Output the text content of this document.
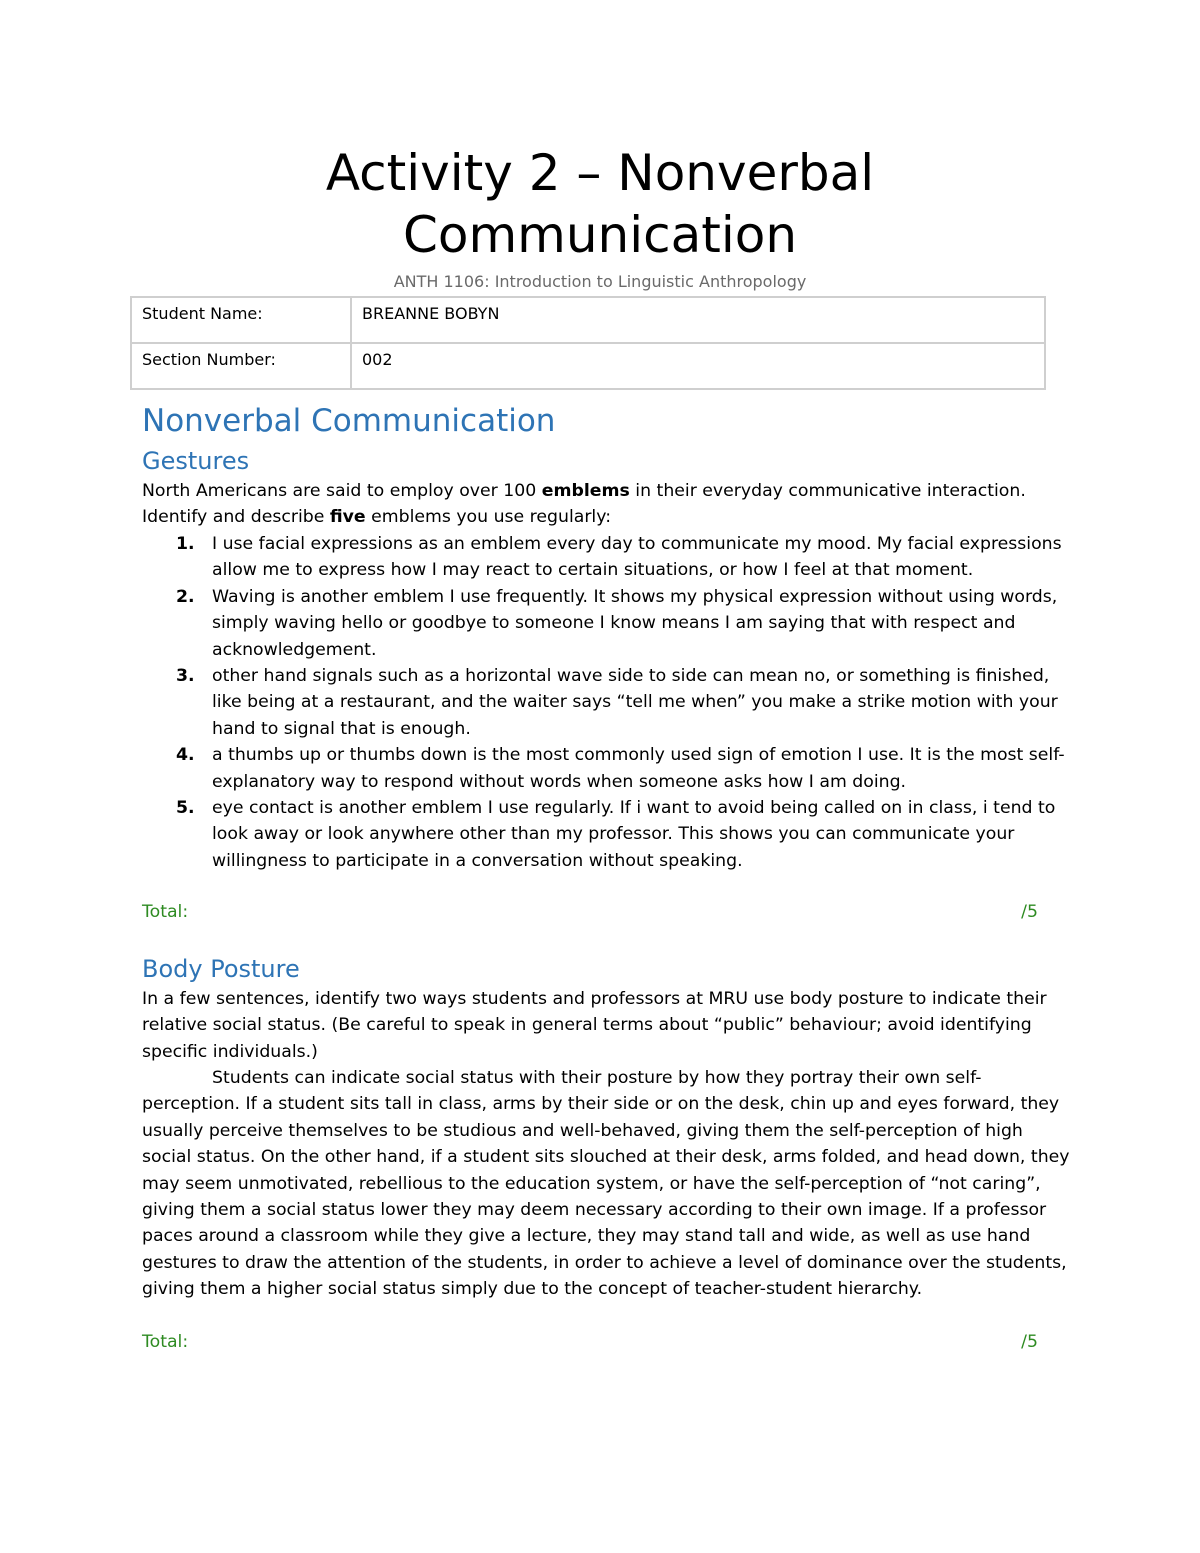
Activity 2 – Nonverbal
Communication
ANTH 1106: Introduction to Linguistic Anthropology
Student Name:	BREANNE BOBYN
Section Number:	002
Nonverbal Communication
Gestures
North Americans are said to employ over 100 emblems in their everyday communicative interaction. Identify and describe five emblems you use regularly:
1. I use facial expressions as an emblem every day to communicate my mood. My facial expressions allow me to express how I may react to certain situations, or how I feel at that moment.
2. Waving is another emblem I use frequently. It shows my physical expression without using words, simply waving hello or goodbye to someone I know means I am saying that with respect and acknowledgement.
3. other hand signals such as a horizontal wave side to side can mean no, or something is finished, like being at a restaurant, and the waiter says “tell me when” you make a strike motion with your hand to signal that is enough.
4. a thumbs up or thumbs down is the most commonly used sign of emotion I use. It is the most self-explanatory way to respond without words when someone asks how I am doing.
5. eye contact is another emblem I use regularly. If i want to avoid being called on in class, i tend to look away or look anywhere other than my professor. This shows you can communicate your willingness to participate in a conversation without speaking.
Total:	/5
Body Posture
In a few sentences, identify two ways students and professors at MRU use body posture to indicate their relative social status. (Be careful to speak in general terms about “public” behaviour; avoid identifying specific individuals.)
Students can indicate social status with their posture by how they portray their own self-perception. If a student sits tall in class, arms by their side or on the desk, chin up and eyes forward, they usually perceive themselves to be studious and well-behaved, giving them the self-perception of high social status. On the other hand, if a student sits slouched at their desk, arms folded, and head down, they may seem unmotivated, rebellious to the education system, or have the self-perception of “not caring”, giving them a social status lower they may deem necessary according to their own image. If a professor paces around a classroom while they give a lecture, they may stand tall and wide, as well as use hand gestures to draw the attention of the students, in order to achieve a level of dominance over the students, giving them a higher social status simply due to the concept of teacher-student hierarchy.
Total:	/5
